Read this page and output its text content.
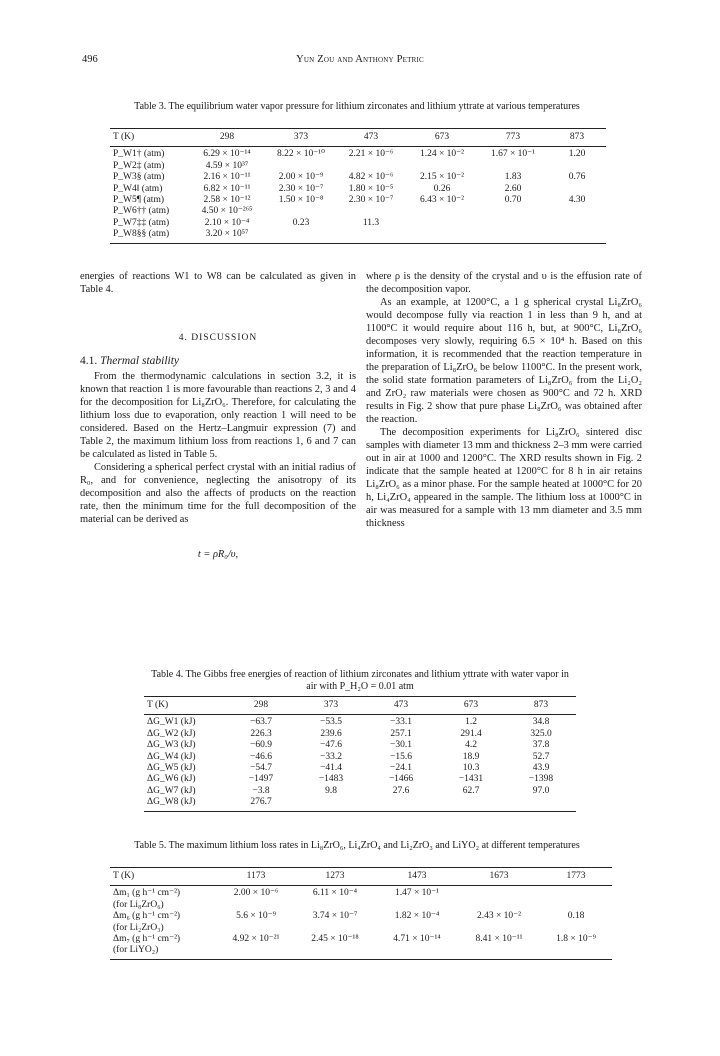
496	Yun Zou and Anthony Petric
Table 3. The equilibrium water vapor pressure for lithium zirconates and lithium yttrate at various temperatures
T (K)	298	373	473	673	773	873
P_W1† (atm)	6.29 × 10⁻¹⁴	8.22 × 10⁻¹⁰	2.21 × 10⁻⁶	1.24 × 10⁻²	1.67 × 10⁻¹	1.20
P_W2‡ (atm)	4.59 × 10³⁷					
P_W3§ (atm)	2.16 × 10⁻¹¹	2.00 × 10⁻⁹	4.82 × 10⁻⁶	2.15 × 10⁻²	1.83	0.76
P_W4‖ (atm)	6.82 × 10⁻¹¹	2.30 × 10⁻⁷	1.80 × 10⁻⁵	0.26	2.60	
P_W5¶ (atm)	2.58 × 10⁻¹²	1.50 × 10⁻⁸	2.30 × 10⁻⁷	6.43 × 10⁻²	0.70	4.30
P_W6†† (atm)	4.50 × 10⁻²⁶⁵					
P_W7‡‡ (atm)	2.10 × 10⁻⁴	0.23	11.3			
P_W8§§ (atm)	3.20 × 10⁵⁷					

energies of reactions W1 to W8 can be calculated as given in Table 4.

4. DISCUSSION
4.1. Thermal stability

From the thermodynamic calculations in section 3.2, it is known that reaction 1 is more favourable than reactions 2, 3 and 4 for the decomposition for Li₈ZrO₆. Therefore, for calculating the lithium loss due to evaporation, only reaction 1 will need to be considered. Based on the Hertz–Langmuir expression (7) and Table 2, the maximum lithium loss from reactions 1, 6 and 7 can be calculated as listed in Table 5.

Considering a spherical perfect crystal with an initial radius of R₀, and for convenience, neglecting the anisotropy of its decomposition and also the affects of products on the reaction rate, then the minimum time for the full decomposition of the material can be derived as

t = ρR₀/υ,

where ρ is the density of the crystal and υ is the effusion rate of the decomposition vapor.

As an example, at 1200°C, a 1 g spherical crystal Li₈ZrO₆ would decompose fully via reaction 1 in less than 9 h, and at 1100°C it would require about 116 h, but, at 900°C, Li₈ZrO₆ decomposes very slowly, requiring 6.5 × 10⁴ h. Based on this information, it is recommended that the reaction temperature in the preparation of Li₈ZrO₆ be below 1100°C. In the present work, the solid state formation parameters of Li₈ZrO₆ from the Li₂O₂ and ZrO₂ raw materials were chosen as 900°C and 72 h. XRD results in Fig. 2 show that pure phase Li₈ZrO₆ was obtained after the reaction.

The decomposition experiments for Li₈ZrO₆ sintered disc samples with diameter 13 mm and thickness 2–3 mm were carried out in air at 1000 and 1200°C. The XRD results shown in Fig. 2 indicate that the sample heated at 1200°C for 8 h in air retains Li₈ZrO₆ as a minor phase. For the sample heated at 1000°C for 20 h, Li₄ZrO₄ appeared in the sample. The lithium loss at 1000°C in air was measured for a sample with 13 mm diameter and 3.5 mm thickness

Table 4. The Gibbs free energies of reaction of lithium zirconates and lithium yttrate with water vapor in air with P_H₂O = 0.01 atm
T (K)	298	373	473	673	873
ΔG_W1 (kJ)	−63.7	−53.5	−33.1	1.2	34.8
ΔG_W2 (kJ)	226.3	239.6	257.1	291.4	325.0
ΔG_W3 (kJ)	−60.9	−47.6	−30.1	4.2	37.8
ΔG_W4 (kJ)	−46.6	−33.2	−15.6	18.9	52.7
ΔG_W5 (kJ)	−54.7	−41.4	−24.1	10.3	43.9
ΔG_W6 (kJ)	−1497	−1483	−1466	−1431	−1398
ΔG_W7 (kJ)	−3.8	9.8	27.6	62.7	97.0
ΔG_W8 (kJ)	276.7				
Table 5. The maximum lithium loss rates in Li₈ZrO₆, Li₄ZrO₄ and Li₂ZrO₃ and LiYO₂ at different temperatures
T (K)	1173	1273	1473	1673	1773
Δm₁ (g h⁻¹ cm⁻²)	2.00 × 10⁻⁶	6.11 × 10⁻⁴	1.47 × 10⁻¹		
(for Li₈ZrO₆)					
Δm₆ (g h⁻¹ cm⁻²)	5.6 × 10⁻⁹	3.74 × 10⁻⁷	1.82 × 10⁻⁴	2.43 × 10⁻²	0.18
(for Li₂ZrO₃)					
Δm₇ (g h⁻¹ cm⁻²)	4.92 × 10⁻²¹	2.45 × 10⁻¹⁸	4.71 × 10⁻¹⁴	8.41 × 10⁻¹¹	1.8 × 10⁻⁹
(for LiYO₂)					
